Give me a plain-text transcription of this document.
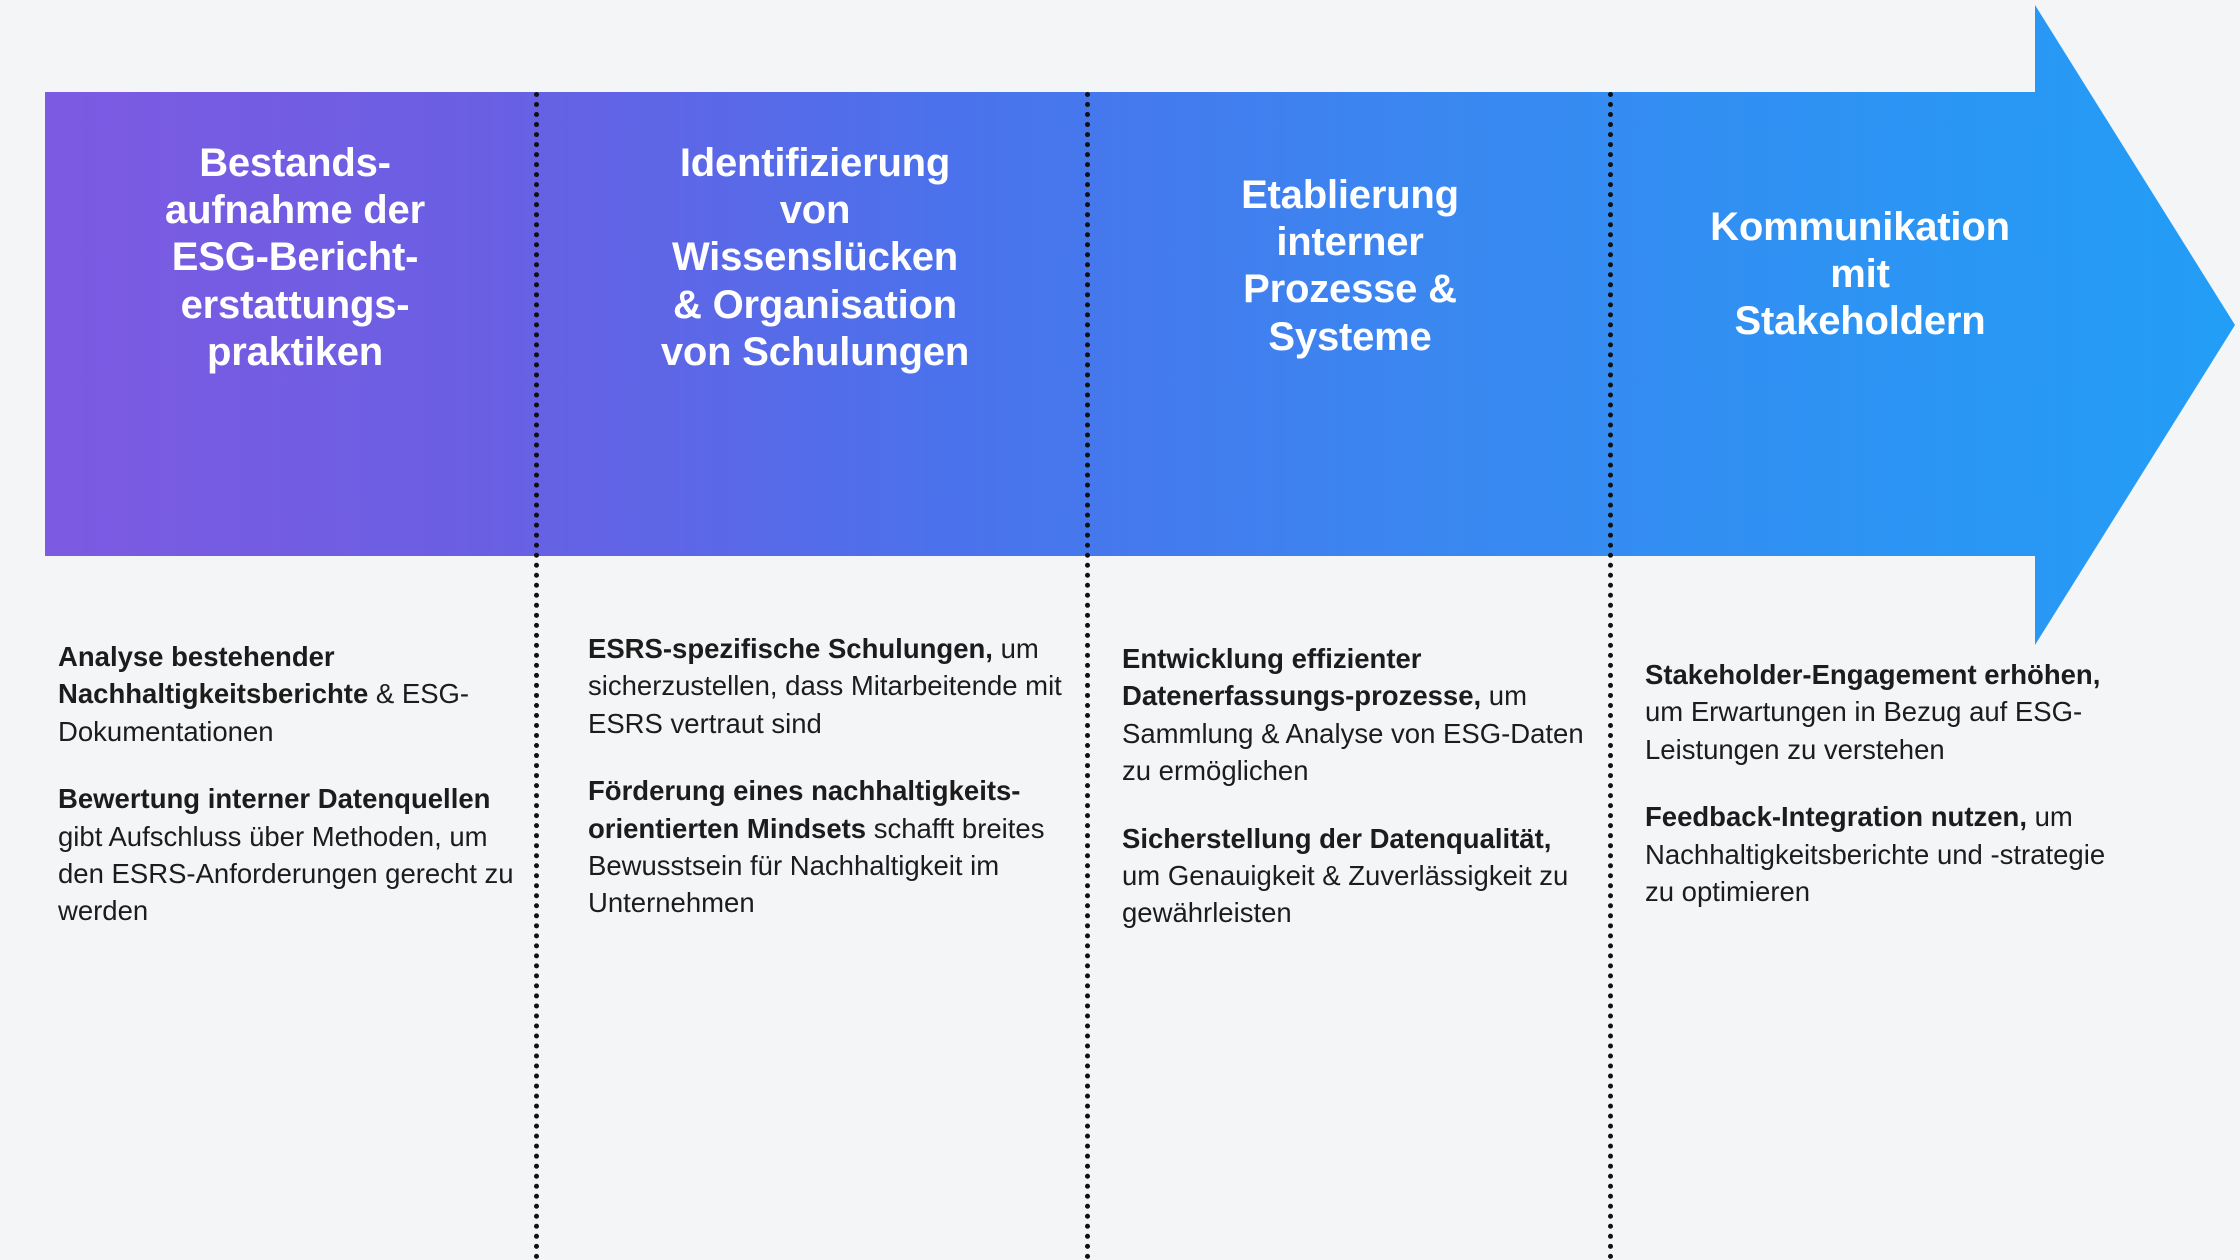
Bestands-
aufnahme der
ESG-Bericht-
erstattungs-
praktiken
Identifizierung
von
Wissenslücken
& Organisation
von Schulungen
Etablierung
interner
Prozesse &
Systeme
Kommunikation
mit
Stakeholdern

Analyse bestehender Nachhaltigkeitsberichte & ESG-Dokumentationen

Bewertung interner Datenquellen gibt Aufschluss über Methoden, um den ESRS-Anforderungen gerecht zu werden

ESRS-spezifische Schulungen, um sicherzustellen, dass Mitarbeitende mit ESRS vertraut sind

Förderung eines nachhaltigkeits-orientierten Mindsets schafft breites Bewusstsein für Nachhaltigkeit im Unternehmen

Entwicklung effizienter Datenerfassungs-prozesse, um Sammlung & Analyse von ESG-Daten zu ermöglichen

Sicherstellung der Datenqualität, um Genauigkeit & Zuverlässigkeit zu gewährleisten

Stakeholder-Engagement erhöhen, um Erwartungen in Bezug auf ESG-Leistungen zu verstehen

Feedback-Integration nutzen, um Nachhaltigkeitsberichte und -strategie zu optimieren
